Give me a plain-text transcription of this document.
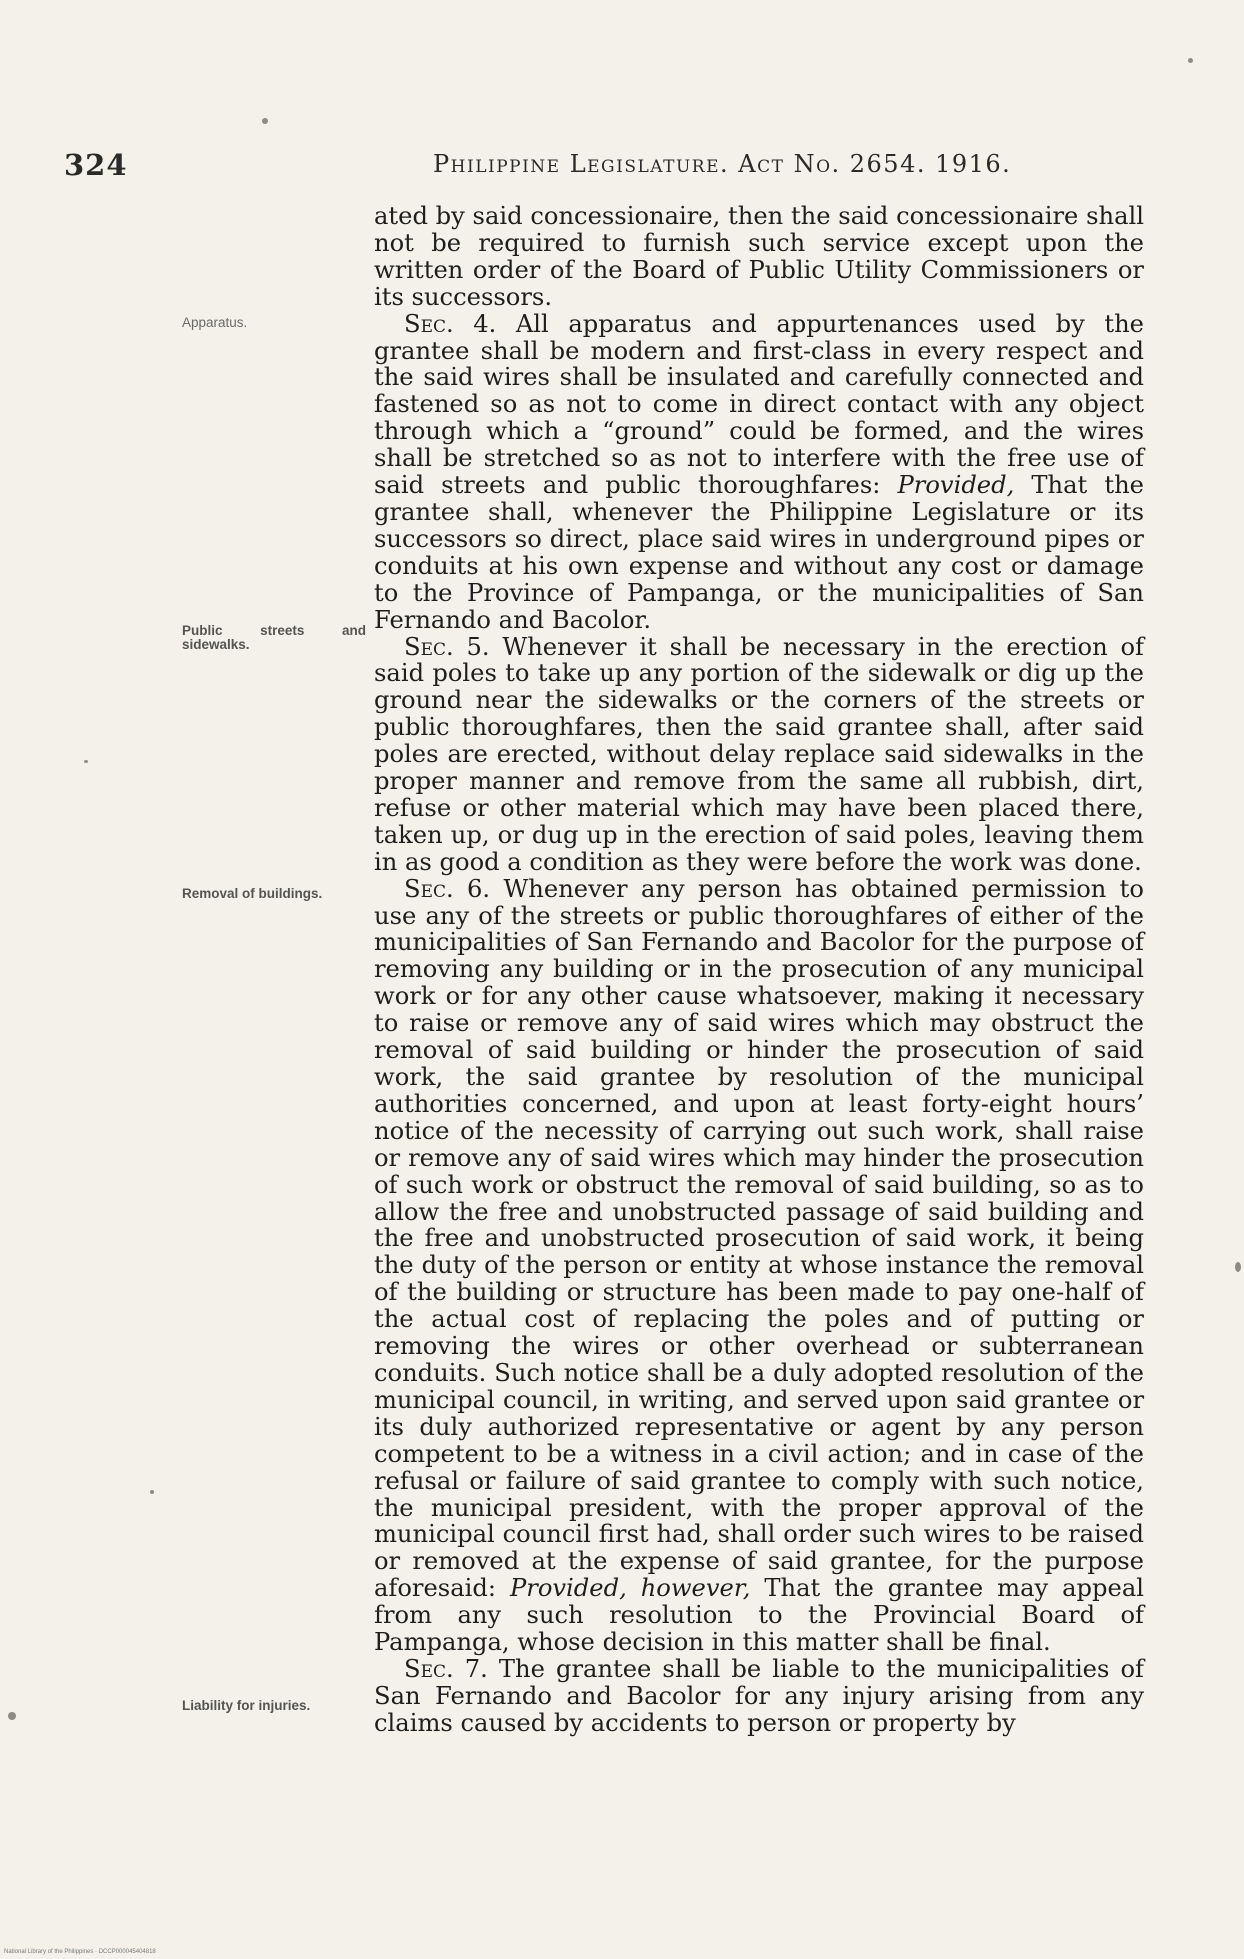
324	Philippine Legislature. Act No. 2654. 1916.
Apparatus.
Public streets and sidewalks.
Removal of buildings.
Liability for injuries.

ated by said concessionaire, then the said concessionaire shall not be required to furnish such service except upon the written order of the Board of Public Utility Commissioners or its successors.

Sec. 4. All apparatus and appurtenances used by the grantee shall be modern and first-class in every respect and the said wires shall be insulated and carefully connected and fastened so as not to come in direct contact with any object through which a “ground” could be formed, and the wires shall be stretched so as not to interfere with the free use of said streets and public thoroughfares: Provided, That the grantee shall, whenever the Philippine Legislature or its successors so direct, place said wires in underground pipes or conduits at his own expense and without any cost or damage to the Province of Pampanga, or the municipalities of San Fernando and Bacolor.

Sec. 5. Whenever it shall be necessary in the erection of said poles to take up any portion of the sidewalk or dig up the ground near the sidewalks or the corners of the streets or public thoroughfares, then the said grantee shall, after said poles are erected, without delay replace said sidewalks in the proper manner and remove from the same all rubbish, dirt, refuse or other material which may have been placed there, taken up, or dug up in the erection of said poles, leaving them in as good a condition as they were before the work was done.

Sec. 6. Whenever any person has obtained permission to use any of the streets or public thoroughfares of either of the municipalities of San Fernando and Bacolor for the purpose of removing any building or in the prosecution of any municipal work or for any other cause whatsoever, making it necessary to raise or remove any of said wires which may obstruct the removal of said building or hinder the prosecution of said work, the said grantee by resolution of the municipal authorities concerned, and upon at least forty-eight hours’ notice of the necessity of carrying out such work, shall raise or remove any of said wires which may hinder the prosecution of such work or obstruct the removal of said building, so as to allow the free and unobstructed passage of said building and the free and unobstructed prosecution of said work, it being the duty of the person or entity at whose instance the removal of the building or structure has been made to pay one-half of the actual cost of replacing the poles and of putting or removing the wires or other overhead or subterranean conduits. Such notice shall be a duly adopted resolution of the municipal council, in writing, and served upon said grantee or its duly authorized representative or agent by any person competent to be a witness in a civil action; and in case of the refusal or failure of said grantee to comply with such notice, the municipal president, with the proper approval of the municipal council first had, shall order such wires to be raised or removed at the expense of said grantee, for the purpose aforesaid: Provided, however, That the grantee may appeal from any such resolution to the Provincial Board of Pampanga, whose decision in this matter shall be final.

Sec. 7. The grantee shall be liable to the municipalities of San Fernando and Bacolor for any injury arising from any claims caused by accidents to person or property by

National Library of the Philippines · DCCP000045404818
